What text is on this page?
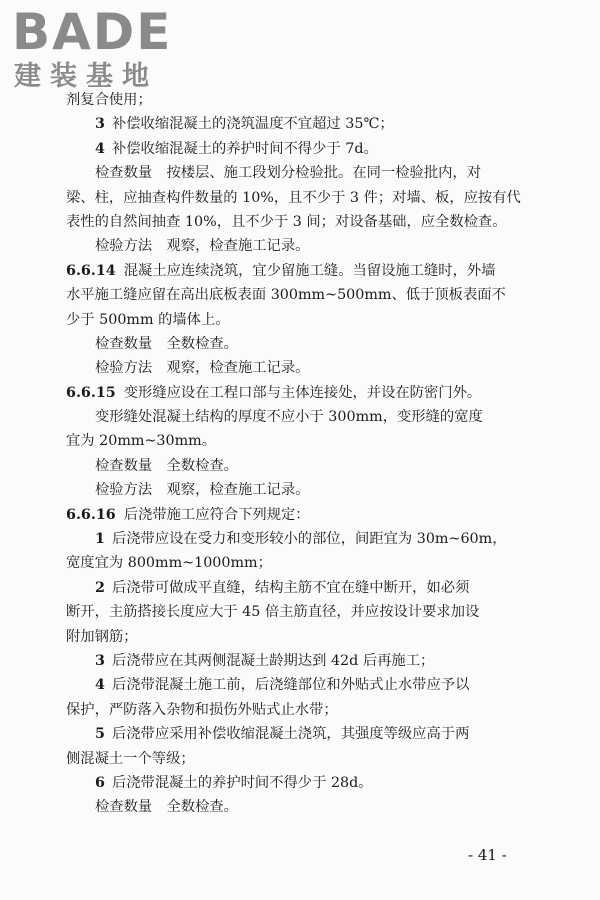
BADE
建装基地
剂复合使用；
3 补偿收缩混凝土的浇筑温度不宜超过 35℃；
4 补偿收缩混凝土的养护时间不得少于 7d。
检查数量　按楼层、施工段划分检验批。在同一检验批内，对
梁、柱，应抽查构件数量的 10%，且不少于 3 件；对墙、板，应按有代
表性的自然间抽查 10%，且不少于 3 间；对设备基础，应全数检查。
检验方法　观察，检查施工记录。
6.6.14 混凝土应连续浇筑，宜少留施工缝。当留设施工缝时，外墙
水平施工缝应留在高出底板表面 300mm~500mm、低于顶板表面不
少于 500mm 的墙体上。
检查数量　全数检查。
检验方法　观察，检查施工记录。
6.6.15 变形缝应设在工程口部与主体连接处，并设在防密门外。
变形缝处混凝土结构的厚度不应小于 300mm，变形缝的宽度
宜为 20mm~30mm。
检查数量　全数检查。
检验方法　观察，检查施工记录。
6.6.16 后浇带施工应符合下列规定：
1 后浇带应设在受力和变形较小的部位，间距宜为 30m~60m，
宽度宜为 800mm~1000mm；
2 后浇带可做成平直缝，结构主筋不宜在缝中断开，如必须
断开，主筋搭接长度应大于 45 倍主筋直径，并应按设计要求加设
附加钢筋；
3 后浇带应在其两侧混凝土龄期达到 42d 后再施工；
4 后浇带混凝土施工前，后浇缝部位和外贴式止水带应予以
保护，严防落入杂物和损伤外贴式止水带；
5 后浇带应采用补偿收缩混凝土浇筑，其强度等级应高于两
侧混凝土一个等级；
6 后浇带混凝土的养护时间不得少于 28d。
检查数量　全数检查。
- 41 -
